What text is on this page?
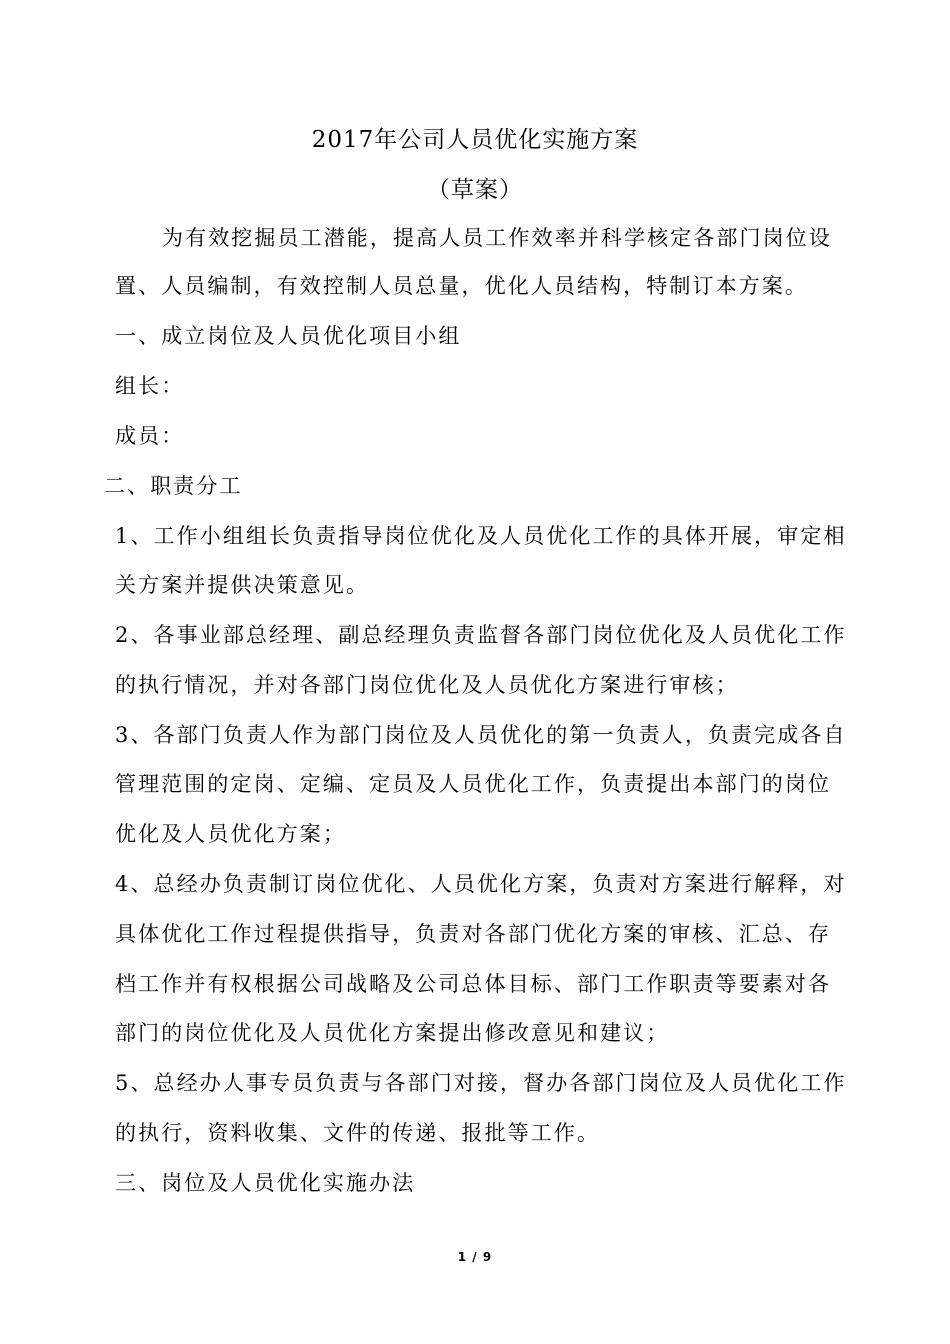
2017年公司人员优化实施方案
（草案）
为有效挖掘员工潜能，提高人员工作效率并科学核定各部门岗位设
置、人员编制，有效控制人员总量，优化人员结构，特制订本方案。
一、成立岗位及人员优化项目小组
组长：
成员：
二、职责分工
1、工作小组组长负责指导岗位优化及人员优化工作的具体开展，审定相
关方案并提供决策意见。
2、各事业部总经理、副总经理负责监督各部门岗位优化及人员优化工作
的执行情况，并对各部门岗位优化及人员优化方案进行审核；
3、各部门负责人作为部门岗位及人员优化的第一负责人，负责完成各自
管理范围的定岗、定编、定员及人员优化工作，负责提出本部门的岗位
优化及人员优化方案；
4、总经办负责制订岗位优化、人员优化方案，负责对方案进行解释，对
具体优化工作过程提供指导，负责对各部门优化方案的审核、汇总、存
档工作并有权根据公司战略及公司总体目标、部门工作职责等要素对各
部门的岗位优化及人员优化方案提出修改意见和建议；
5、总经办人事专员负责与各部门对接，督办各部门岗位及人员优化工作
的执行，资料收集、文件的传递、报批等工作。
三、岗位及人员优化实施办法
1 / 9
